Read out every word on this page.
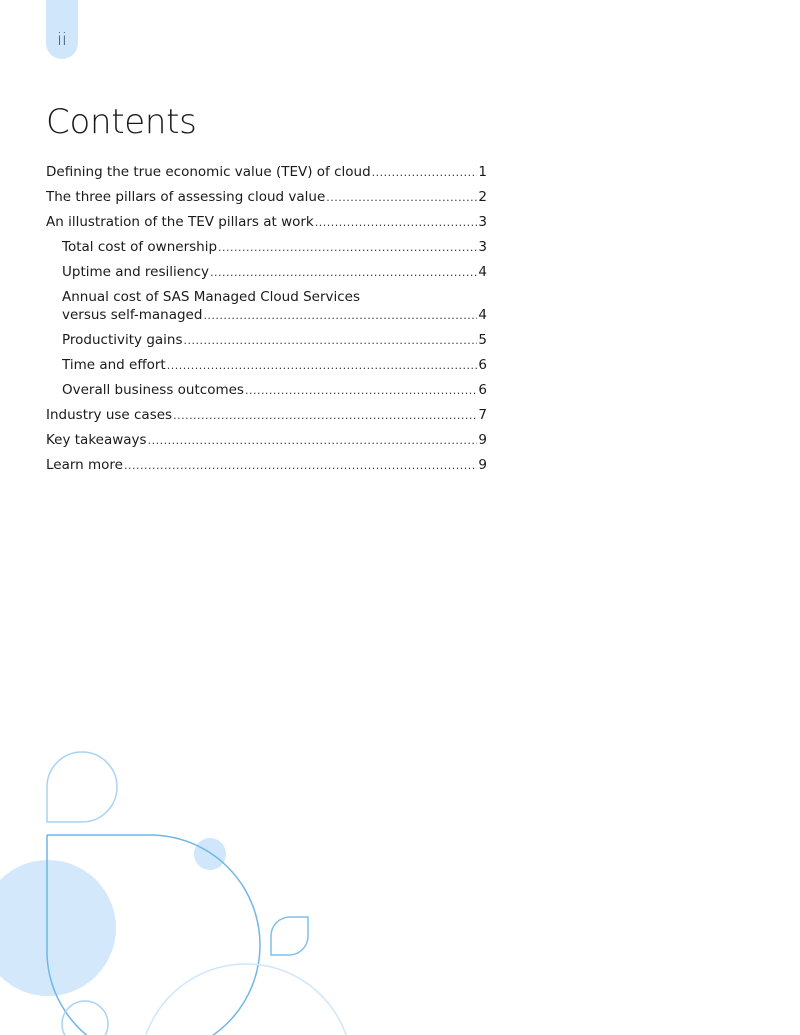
ii
Contents
Defining the true economic value (TEV) of cloud .....	1
The three pillars of assessing cloud value .....	2
An illustration of the TEV pillars at work .....	3
Total cost of ownership .....	3
Uptime and resiliency .....	4
Annual cost of SAS Managed Cloud Services
versus self-managed .....	4
Productivity gains .....	5
Time and effort .....	6
Overall business outcomes .....	6
Industry use cases .....	7
Key takeaways .....	9
Learn more .....	9
